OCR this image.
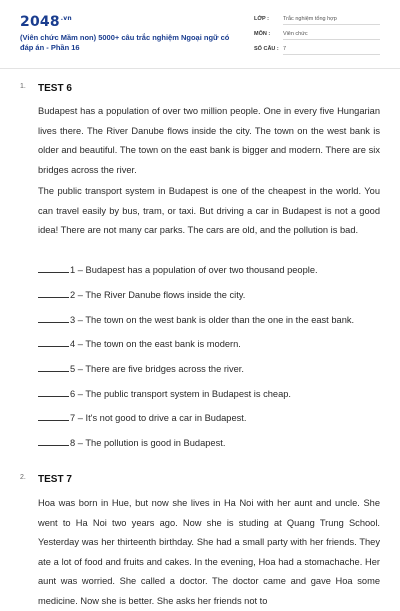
$2048^{.vn}$
(Viên chức Mầm non) 5000+ câu trắc nghiệm Ngoại ngữ có đáp án - Phần 16
LỚP :	Trắc nghiệm tổng hợp
MÔN : Viên chức
SỐ CÂU : 7
1. TEST 6

Budapest has a population of over two million people. One in every five Hungarian lives there. The River Danube flows inside the city. The town on the west bank is older and beautiful. The town on the east bank is bigger and modern. There are six bridges across the river.

The public transport system in Budapest is one of the cheapest in the world. You can travel easily by bus, tram, or taxi. But driving a car in Budapest is not a good idea! There are not many car parks. The cars are old, and the pollution is bad.

1 – Budapest has a population of over two thousand people.
2 – The River Danube flows inside the city.
3 – The town on the west bank is older than the one in the east bank.
4 – The town on the east bank is modern.
5 – There are five bridges across the river.
6 – The public transport system in Budapest is cheap.
7 – It's not good to drive a car in Budapest.
8 – The pollution is good in Budapest.
2. TEST 7

Hoa was born in Hue, but now she lives in Ha Noi with her aunt and uncle. She went to Ha Noi two years ago. Now she is studing at Quang Trung School. Yesterday was her thirteenth birthday. She had a small party with her friends. They ate a lot of food and fruits and cakes. In the evening, Hoa had a stomachache. Her aunt was worried. She called a doctor. The doctor came and gave Hoa some medicine. Now she is better. She asks her friends not to
